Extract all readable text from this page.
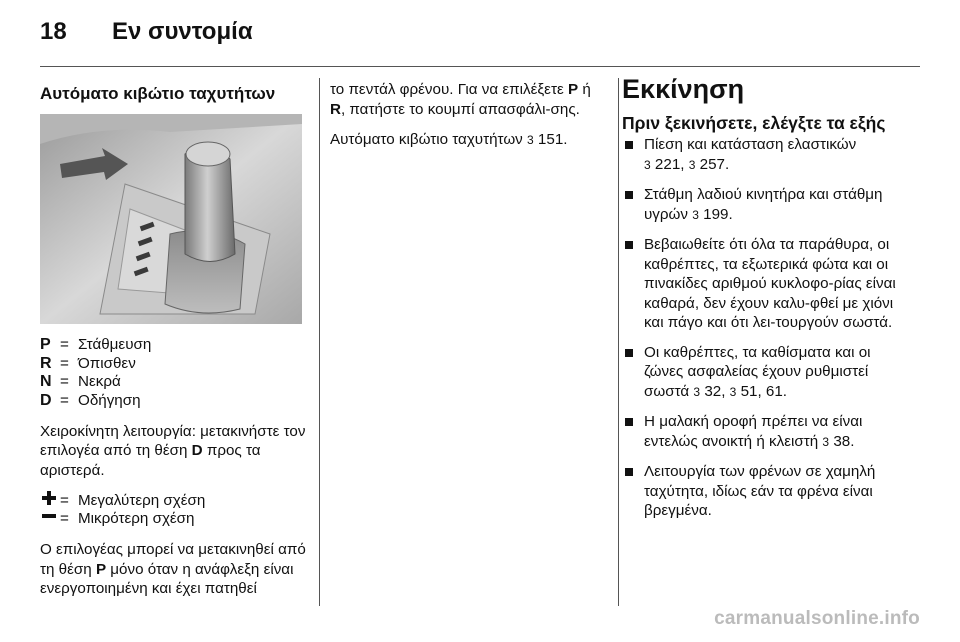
18 Εν συντομία
Αυτόματο κιβώτιο ταχυτήτων
P = Στάθμευση
R = Όπισθεν
N = Νεκρά
D = Οδήγηση

Χειροκίνητη λειτουργία: μετακινήστε τον επιλογέα από τη θέση D προς τα αριστερά.

= Μεγαλύτερη σχέση
= Μικρότερη σχέση

Ο επιλογέας μπορεί να μετακινηθεί από τη θέση P μόνο όταν η ανάφλεξη είναι ενεργοποιημένη και έχει πατηθεί

το πεντάλ φρένου. Για να επιλέξετε P ή R, πατήστε το κουμπί απασφάλι-σης.

Αυτόματο κιβώτιο ταχυτήτων 3 151.

Εκκίνηση
Πριν ξεκινήσετε, ελέγξτε τα εξής
Πίεση και κατάσταση ελαστικών
3 221, 3 257.
Στάθμη λαδιού κινητήρα και στάθμη υγρών 3 199.
Βεβαιωθείτε ότι όλα τα παράθυρα, οι καθρέπτες, τα εξωτερικά φώτα και οι πινακίδες αριθμού κυκλοφο-ρίας είναι καθαρά, δεν έχουν καλυ-φθεί με χιόνι και πάγο και ότι λει-τουργούν σωστά.
Οι καθρέπτες, τα καθίσματα και οι ζώνες ασφαλείας έχουν ρυθμιστεί σωστά 3 32, 3 51, 61.
Η μαλακή οροφή πρέπει να είναι εντελώς ανοικτή ή κλειστή 3 38.
Λειτουργία των φρένων σε χαμηλή ταχύτητα, ιδίως εάν τα φρένα είναι βρεγμένα.
carmanualsonline.info
